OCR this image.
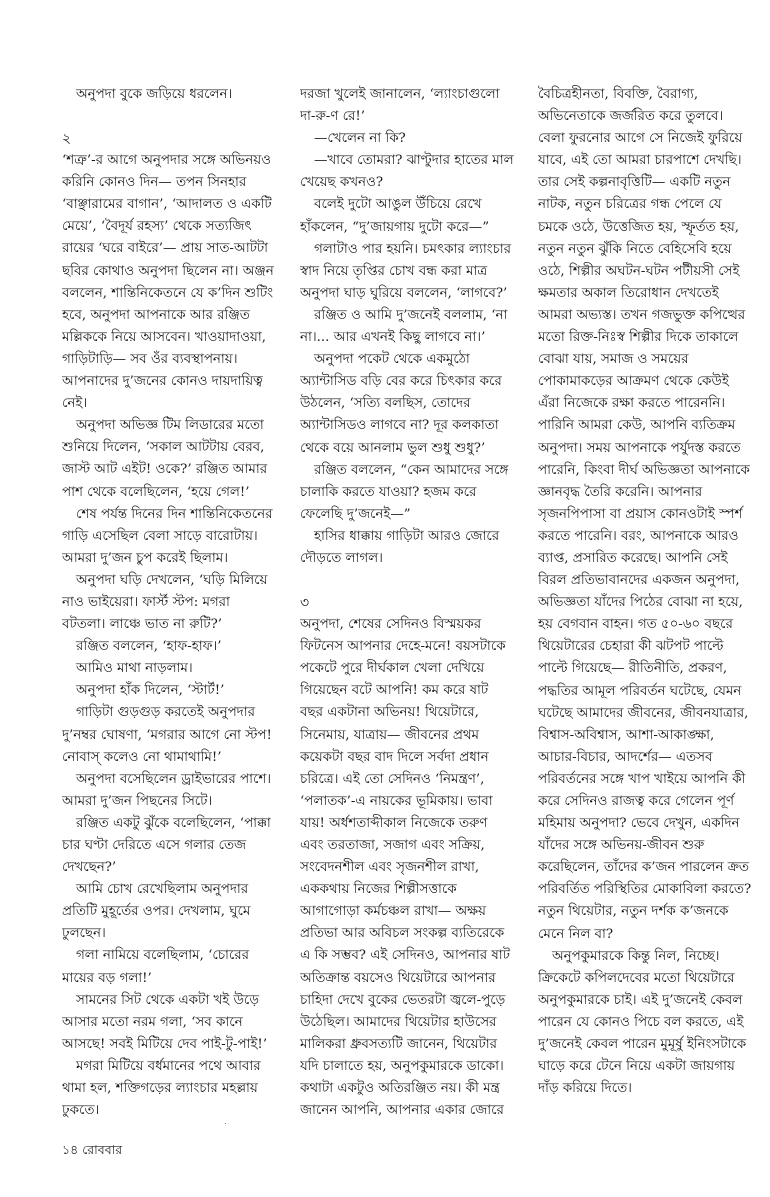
অনুপদা বুকে জড়িয়ে ধরলেন।

২

‘শত্রু’-র আগে অনুপদার সঙ্গে অভিনয়ও করিনি কোনও দিন— তপন সিনহার ‘বাঞ্ছারামের বাগান’, ‘আদালত ও একটি মেয়ে’, ‘বৈদূর্য রহস্য’ থেকে সত্যজিৎ রায়ের ‘ঘরে বাইরে’— প্রায় সাত-আটটা ছবির কোথাও অনুপদা ছিলেন না। অঞ্জন বললেন, শান্তিনিকেতনে যে ক’দিন শুটিং হবে, অনুপদা আপনাকে আর রঞ্জিত মল্লিককে নিয়ে আসবেন। খাওয়াদাওয়া, গাড়িটাড়ি— সব ওঁর ব্যবস্থাপনায়। আপনাদের দু’জনের কোনও দায়দায়িত্ব নেই।

অনুপদা অভিজ্ঞ টিম লিডারের মতো শুনিয়ে দিলেন, ‘সকাল আটটায় বেরব, জাস্ট আট এইট! ওকে?’ রঞ্জিত আমার পাশ থেকে বলেছিলেন, ‘হয়ে গেল!’

শেষ পর্যন্ত দিনের দিন শান্তিনিকেতনের গাড়ি এসেছিল বেলা সাড়ে বারোটায়। আমরা দু’জন চুপ করেই ছিলাম।

অনুপদা ঘড়ি দেখলেন, ‘ঘড়ি মিলিয়ে নাও ভাইয়েরা। ফার্স্ট স্টপ: মগরা বটতলা। লাঞ্চে ভাত না রুটি?’

রঞ্জিত বললেন, ‘হাফ-হাফ।’

আমিও মাথা নাড়লাম।

অনুপদা হাঁক দিলেন, ‘স্টার্ট!’

গাড়িটা গুড়গুড় করতেই অনুপদার দু’নম্বর ঘোষণা, ‘মগরার আগে নো স্টপ! নোবাস্ কলেও নো থামাথামি!’

অনুপদা বসেছিলেন ড্রাইভারের পাশে। আমরা দু’জন পিছনের সিটে।

রঞ্জিত একটু ঝুঁকে বলেছিলেন, ‘পাক্কা চার ঘণ্টা দেরিতে এসে গলার তেজ দেখছেন?’

আমি চোখ রেখেছিলাম অনুপদার প্রতিটি মুহূর্তের ওপর। দেখলাম, ঘুমে ঢুলছেন।

গলা নামিয়ে বলেছিলাম, ‘চোরের মায়ের বড় গলা!’

সামনের সিট থেকে একটা খই উড়ে আসার মতো নরম গলা, ‘সব কানে আসছে! সবই মিটিয়ে দেব পাই-টু-পাই!’

মগরা মিটিয়ে বর্ধমানের পথে আবার থামা হল, শক্তিগড়ের ল্যাংচার মহল্লায় ঢুকতে।

দরজা খুলেই জানালেন, ‘ল্যাংচাগুলো দা-রু-ণ রে!’

—খেলেন না কি?

—খাবে তোমরা? ঝাণ্টুদার হাতের মাল খেয়েছ কখনও?

বলেই দুটো আঙুল উঁচিয়ে রেখে হাঁকলেন, “দু’জায়গায় দুটো করে—”

গলাটাও পার হয়নি। চমৎকার ল্যাংচার স্বাদ নিয়ে তৃপ্তির চোখ বন্ধ করা মাত্র অনুপদা ঘাড় ঘুরিয়ে বললেন, ‘লাগবে?’

রঞ্জিত ও আমি দু’জনেই বললাম, ‘না না।... আর এখনই কিছু লাগবে না।’

অনুপদা পকেট থেকে একমুঠো অ্যান্টাসিড বড়ি বের করে চিৎকার করে উঠলেন, ‘সত্যি বলছিস, তোদের অ্যান্টাসিডও লাগবে না? দূর কলকাতা থেকে বয়ে আনলাম ভুল শুধু শুধু?’

রঞ্জিত বললেন, “কেন আমাদের সঙ্গে চালাকি করতে যাওয়া? হজম করে ফেলেছি দু’জনেই—”

হাসির ধাক্কায় গাড়িটা আরও জোরে দৌড়তে লাগল।

৩

অনুপদা, শেষের সেদিনও বিস্ময়কর ফিটনেস আপনার দেহে-মনে! বয়সটাকে পকেটে পুরে দীর্ঘকাল খেলা দেখিয়ে গিয়েছেন বটে আপনি! কম করে ষাট বছর একটানা অভিনয়! থিয়েটারে, সিনেমায়, যাত্রায়— জীবনের প্রথম কয়েকটা বছর বাদ দিলে সর্বদা প্রধান চরিত্রে। এই তো সেদিনও ‘নিমন্ত্রণ’, ‘পলাতক’-এ নায়কের ভূমিকায়। ভাবা যায়! অর্ধশতাব্দীকাল নিজেকে তরুণ এবং তরতাজা, সজাগ এবং সক্রিয়, সংবেদনশীল এবং সৃজনশীল রাখা, এককথায় নিজের শিল্পীসত্তাকে আগাগোড়া কর্মচঞ্চল রাখা— অক্ষয় প্রতিভা আর অবিচল সংকল্প ব্যতিরেকে এ কি সম্ভব? এই সেদিনও, আপনার ষাট অতিক্রান্ত বয়সেও থিয়েটারে আপনার চাহিদা দেখে বুকের ভেতরটা জ্বলে-পুড়ে উঠেছিল। আমাদের থিয়েটার হাউসের মালিকরা ধ্রুবসত্যটি জানেন, থিয়েটার যদি চালাতে হয়, অনুপকুমারকে ডাকো। কথাটা একটুও অতিরঞ্জিত নয়। কী মন্ত্র জানেন আপনি, আপনার একার জোরে

বৈচিত্রহীনতা, বিবক্তি, বৈরাগ্য, অভিনেতাকে জর্জরিত করে তুলবে। বেলা ফুরনোর আগে সে নিজেই ফুরিয়ে যাবে, এই তো আমরা চারপাশে দেখছি। তার সেই কল্পনাবৃত্তিটি— একটি নতুন নাটক, নতুন চরিত্রের গন্ধ পেলে যে চমকে ওঠে, উত্তেজিত হয়, স্ফূর্তত হয়, নতুন নতুন ঝুঁকি নিতে বেহিসেবি হয়ে ওঠে, শিল্পীর অঘটন-ঘটন পটীয়সী সেই ক্ষমতার অকাল তিরোধান দেখতেই আমরা অভ্যস্ত। তখন গজভুক্ত কপিত্থের মতো রিক্ত-নিঃস্ব শিল্পীর দিকে তাকালে বোঝা যায়, সমাজ ও সময়ের পোকামাকড়ের আক্রমণ থেকে কেউই এঁরা নিজেকে রক্ষা করতে পারেননি। পারিনি আমরা কেউ, আপনি ব্যতিক্রম অনুপদা। সময় আপনাকে পর্যুদস্ত করতে পারেনি, কিংবা দীর্ঘ অভিজ্ঞতা আপনাকে জ্ঞানবৃদ্ধ তৈরি করেনি। আপনার সৃজনপিপাসা বা প্রয়াস কোনওটাই স্পর্শ করতে পারেনি। বরং, আপনাকে আরও ব্যাপ্ত, প্রসারিত করেছে। আপনি সেই বিরল প্রতিভাবানদের একজন অনুপদা, অভিজ্ঞতা যাঁদের পিঠের বোঝা না হয়ে, হয় বেগবান বাহন। গত ৫০-৬০ বছরে থিয়েটারের চেহারা কী ঝটপট পাল্টে পাল্টে গিয়েছে— রীতিনীতি, প্রকরণ, পদ্ধতির আমূল পরিবর্তন ঘটেছে, যেমন ঘটেছে আমাদের জীবনের, জীবনযাত্রার, বিশ্বাস-অবিশ্বাস, আশা-আকাঙ্ক্ষা, আচার-বিচার, আদর্শের— এতসব পরিবর্তনের সঙ্গে খাপ খাইয়ে আপনি কী করে সেদিনও রাজত্ব করে গেলেন পূর্ণ মহিমায় অনুপদা? ভেবে দেখুন, একদিন যাঁদের সঙ্গে অভিনয়-জীবন শুরু করেছিলেন, তাঁদের ক’জন পারলেন ক্রত পরিবর্তিত পরিস্থিতির মোকাবিলা করতে? নতুন থিয়েটার, নতুন দর্শক ক’জনকে মেনে নিল বা?

অনুপকুমারকে কিন্তু নিল, নিচ্ছে। ক্রিকেটে কপিলদেবের মতো থিয়েটারে অনুপকুমারকে চাই। এই দু’জনেই কেবল পারেন যে কোনও পিচে বল করতে, এই দু’জনেই কেবল পারেন মুমূর্ষু ইনিংসটাকে ঘাড়ে করে টেনে নিয়ে একটা জায়গায় দাঁড় করিয়ে দিতে।

১৪ রোববার
